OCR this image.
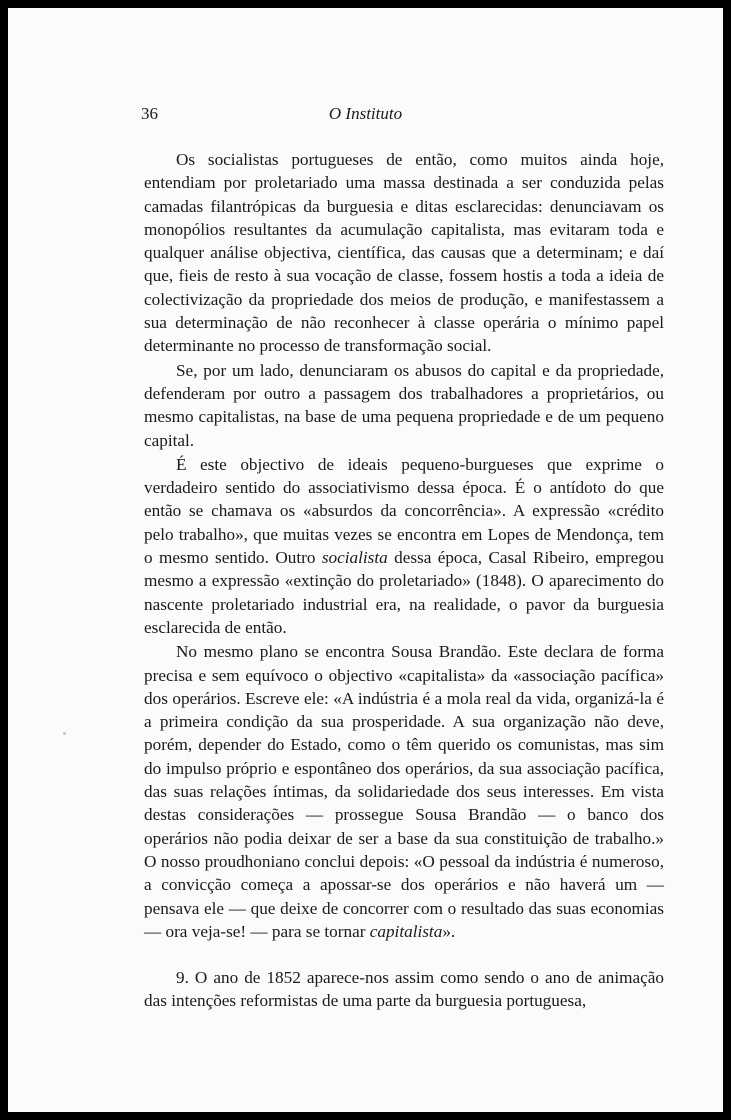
36	O Instituto

Os socialistas portugueses de então, como muitos ainda hoje, entendiam por proletariado uma massa destinada a ser conduzida pelas camadas filantrópicas da burguesia e ditas esclarecidas: denunciavam os monopólios resultantes da acumulação capitalista, mas evitaram toda e qualquer análise objectiva, científica, das causas que a determinam; e daí que, fieis de resto à sua vocação de classe, fossem hostis a toda a ideia de colectivização da propriedade dos meios de produção, e manifestassem a sua determinação de não reconhecer à classe operária o mínimo papel determinante no processo de transformação social.

Se, por um lado, denunciaram os abusos do capital e da propriedade, defenderam por outro a passagem dos trabalhadores a proprietários, ou mesmo capitalistas, na base de uma pequena propriedade e de um pequeno capital.

É este objectivo de ideais pequeno-burgueses que exprime o verdadeiro sentido do associativismo dessa época. É o antídoto do que então se chamava os «absurdos da concorrência». A expressão «crédito pelo trabalho», que muitas vezes se encontra em Lopes de Mendonça, tem o mesmo sentido. Outro socialista dessa época, Casal Ribeiro, empregou mesmo a expressão «extinção do proletariado» (1848). O aparecimento do nascente proletariado industrial era, na realidade, o pavor da burguesia esclarecida de então.

No mesmo plano se encontra Sousa Brandão. Este declara de forma precisa e sem equívoco o objectivo «capitalista» da «associação pacífica» dos operários. Escreve ele: «A indústria é a mola real da vida, organizá-la é a primeira condição da sua prosperidade. A sua organização não deve, porém, depender do Estado, como o têm querido os comunistas, mas sim do impulso próprio e espontâneo dos operários, da sua associação pacífica, das suas relações íntimas, da solidariedade dos seus interesses. Em vista destas considerações — prossegue Sousa Brandão — o banco dos operários não podia deixar de ser a base da sua constituição de trabalho.» O nosso proudhoniano conclui depois: «O pessoal da indústria é numeroso, a convicção começa a apossar-se dos operários e não haverá um — pensava ele — que deixe de concorrer com o resultado das suas economias — ora veja-se! — para se tornar capitalista».

9. O ano de 1852 aparece-nos assim como sendo o ano de animação das intenções reformistas de uma parte da burguesia portuguesa,
